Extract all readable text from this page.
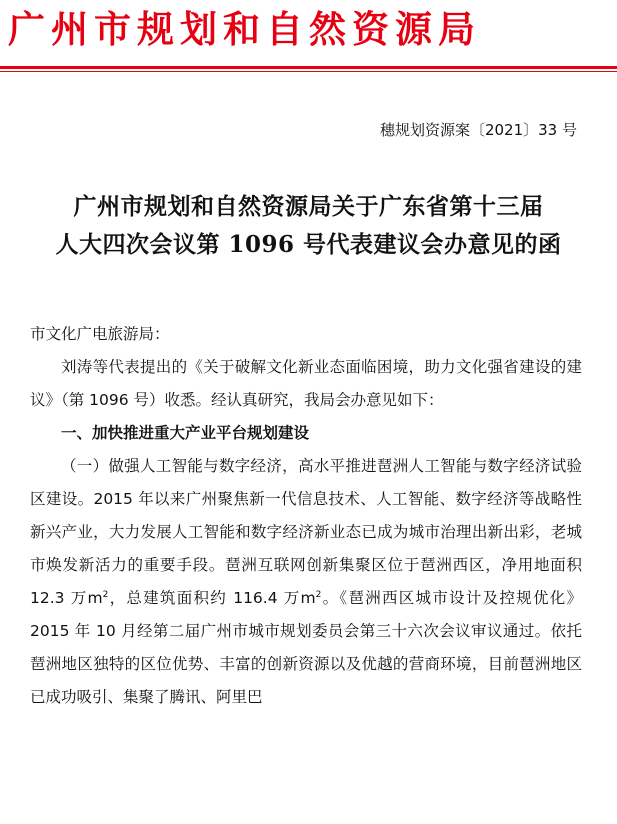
广州市规划和自然资源局
穗规划资源案〔2021〕33 号
广州市规划和自然资源局关于广东省第十三届
人大四次会议第 1096 号代表建议会办意见的函

市文化广电旅游局：

刘涛等代表提出的《关于破解文化新业态面临困境，助力文化强省建设的建议》（第 1096 号）收悉。经认真研究，我局会办意见如下：

一、加快推进重大产业平台规划建设

（一）做强人工智能与数字经济，高水平推进琶洲人工智能与数字经济试验区建设。2015 年以来广州聚焦新一代信息技术、人工智能、数字经济等战略性新兴产业，大力发展人工智能和数字经济新业态已成为城市治理出新出彩，老城市焕发新活力的重要手段。琶洲互联网创新集聚区位于琶洲西区，净用地面积 12.3 万$m^2$，总建筑面积约 116.4 万$m^2$。《琶洲西区城市设计及控规优化》2015 年 10 月经第二届广州市城市规划委员会第三十六次会议审议通过。依托琶洲地区独特的区位优势、丰富的创新资源以及优越的营商环境，目前琶洲地区已成功吸引、集聚了腾讯、阿里巴
